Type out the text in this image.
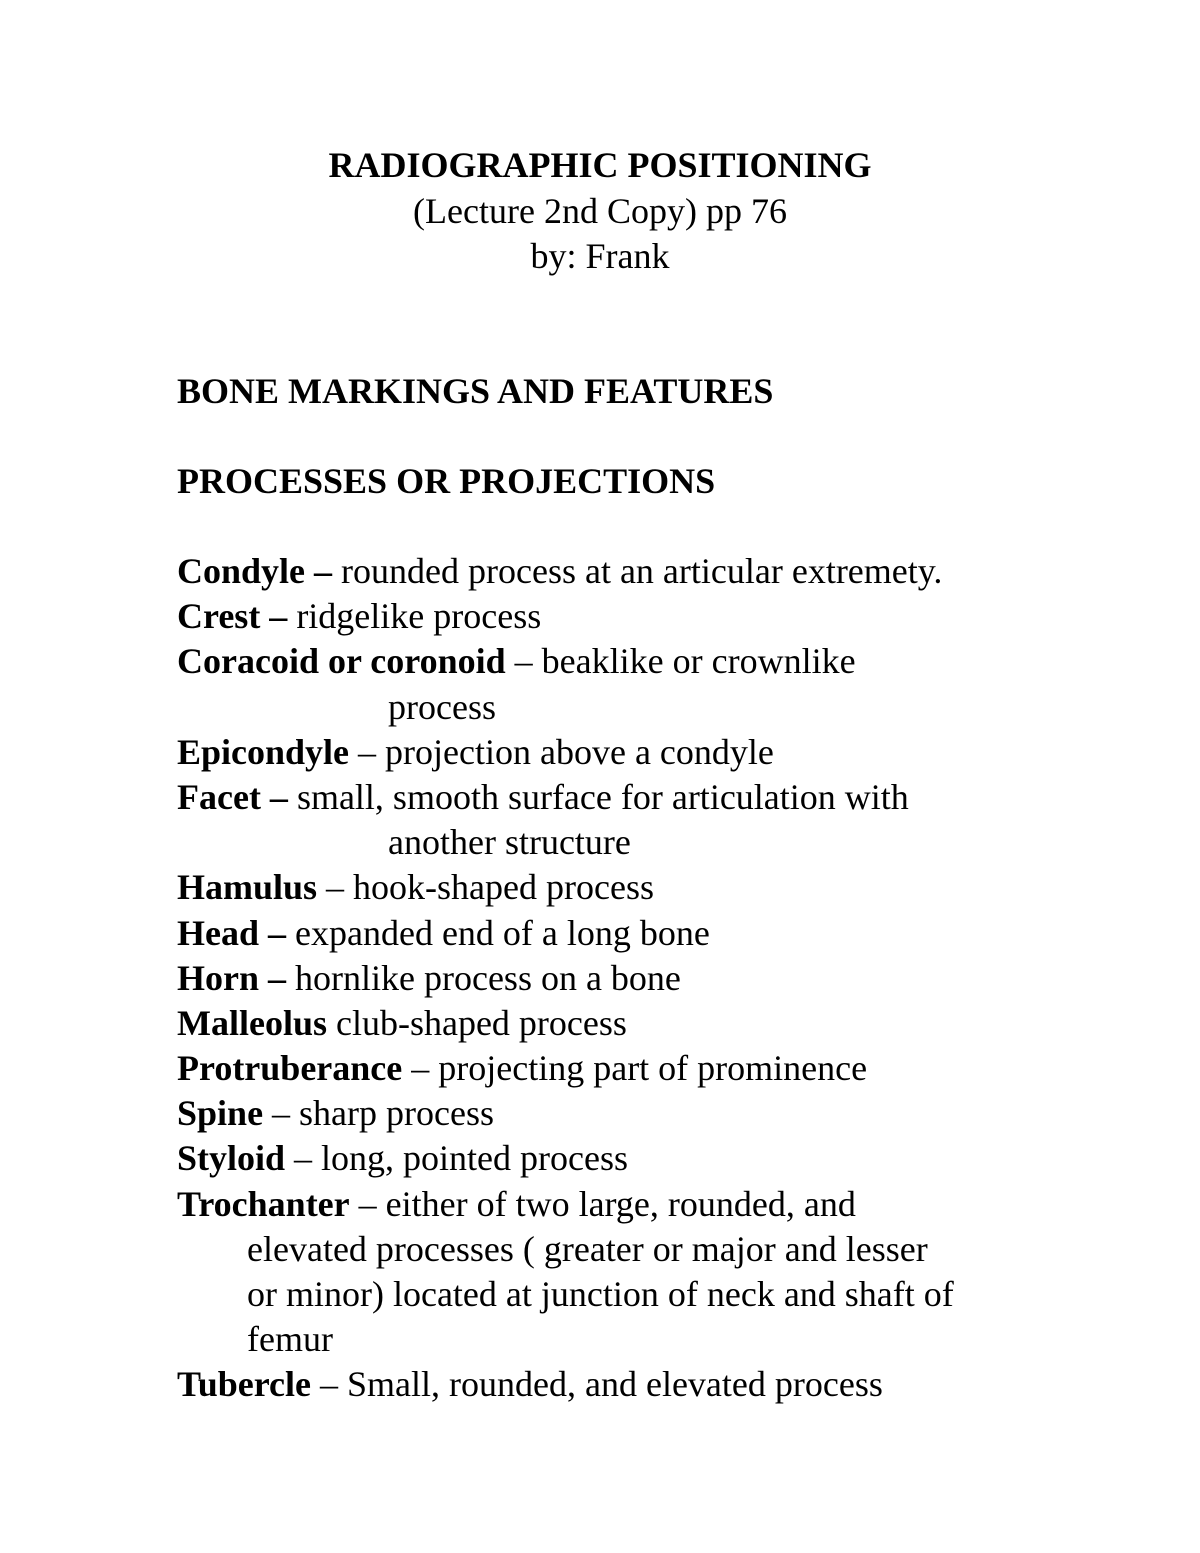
RADIOGRAPHIC POSITIONING
(Lecture 2nd Copy) pp 76
by: Frank
BONE MARKINGS AND FEATURES
PROCESSES OR PROJECTIONS
Condyle – rounded process at an articular extremety.
Crest – ridgelike process
Coracoid or coronoid – beaklike or crownlike
process
Epicondyle – projection above a condyle
Facet – small, smooth surface for articulation with
another structure
Hamulus – hook-shaped process
Head – expanded end of a long bone
Horn – hornlike process on a bone
Malleolus club-shaped process
Protruberance – projecting part of prominence
Spine – sharp process
Styloid – long, pointed process
Trochanter – either of two large, rounded, and
elevated processes ( greater or major and lesser
or minor) located at junction of neck and shaft of
femur
Tubercle – Small, rounded, and elevated process
